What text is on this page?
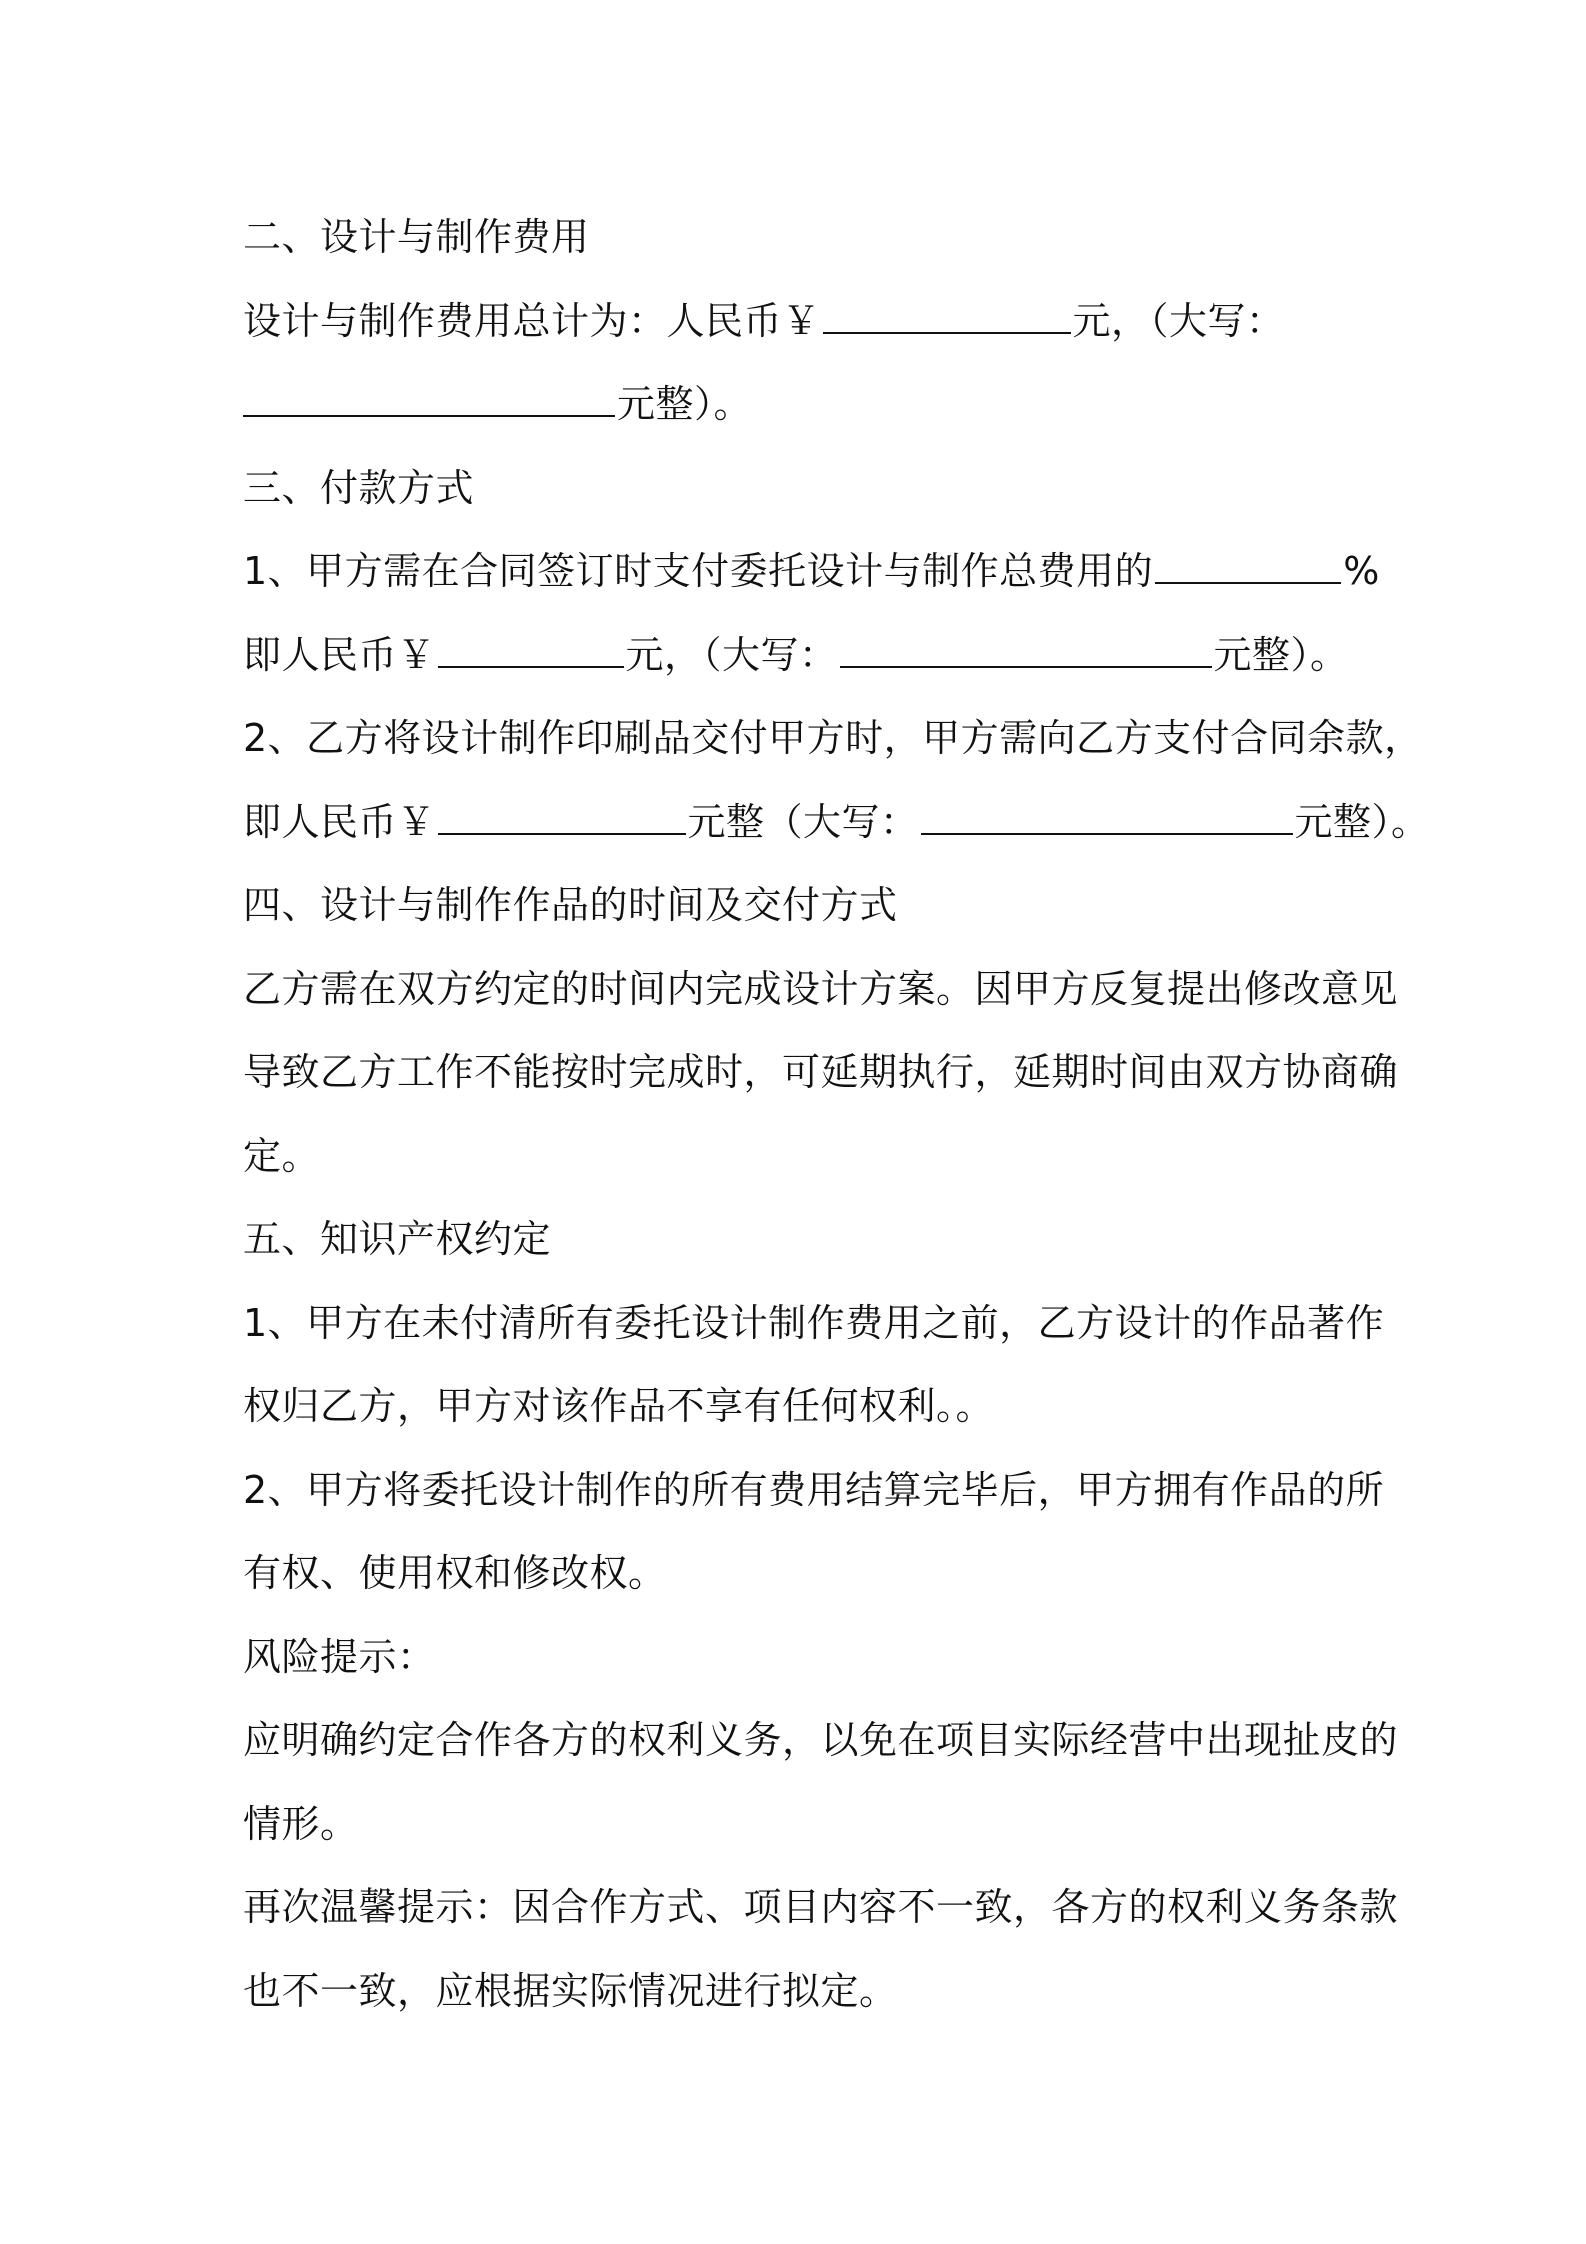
二、设计与制作费用
设计与制作费用总计为：人民币￥	元，（大写：
元整）。
三、付款方式
1、甲方需在合同签订时支付委托设计与制作总费用的	%
即人民币￥	元，（大写：	元整）。
2、乙方将设计制作印刷品交付甲方时，甲方需向乙方支付合同余款，
即人民币￥	元整（大写：	元整）。
四、设计与制作作品的时间及交付方式
乙方需在双方约定的时间内完成设计方案。因甲方反复提出修改意见
导致乙方工作不能按时完成时，可延期执行，延期时间由双方协商确
定。
五、知识产权约定
1、甲方在未付清所有委托设计制作费用之前，乙方设计的作品著作
权归乙方，甲方对该作品不享有任何权利。。
2、甲方将委托设计制作的所有费用结算完毕后，甲方拥有作品的所
有权、使用权和修改权。
风险提示：
应明确约定合作各方的权利义务，以免在项目实际经营中出现扯皮的
情形。
再次温馨提示：因合作方式、项目内容不一致，各方的权利义务条款
也不一致，应根据实际情况进行拟定。
